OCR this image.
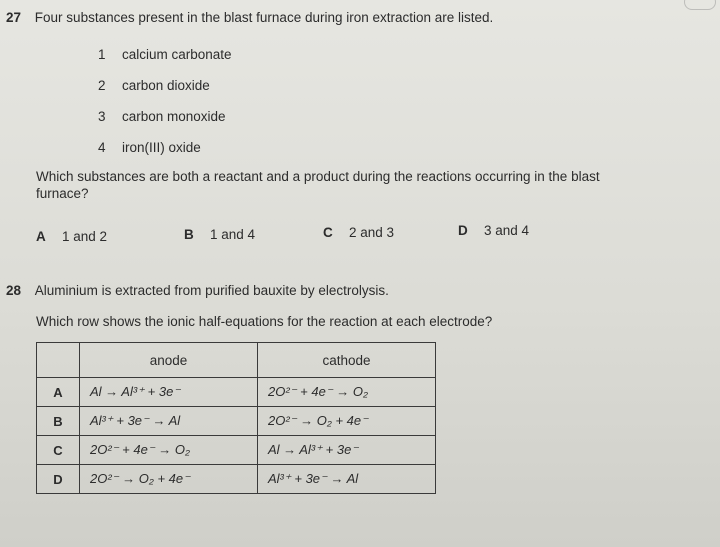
27 Four substances present in the blast furnace during iron extraction are listed.
1 calcium carbonate
2 carbon dioxide
3 carbon monoxide
4 iron(III) oxide
Which substances are both a reactant and a product during the reactions occurring in the blast
furnace?
A 1 and 2	B 1 and 4	C 2 and 3	D 3 and 4
28 Aluminium is extracted from purified bauxite by electrolysis.
Which row shows the ionic half-equations for the reaction at each electrode?
	anode	cathode
A	Al → Al³⁺ + 3e⁻	2O²⁻ + 4e⁻ → O₂
B	Al³⁺ + 3e⁻ → Al	2O²⁻ → O₂ + 4e⁻
C	2O²⁻ + 4e⁻ → O₂	Al → Al³⁺ + 3e⁻
D	2O²⁻ → O₂ + 4e⁻	Al³⁺ + 3e⁻ → Al
